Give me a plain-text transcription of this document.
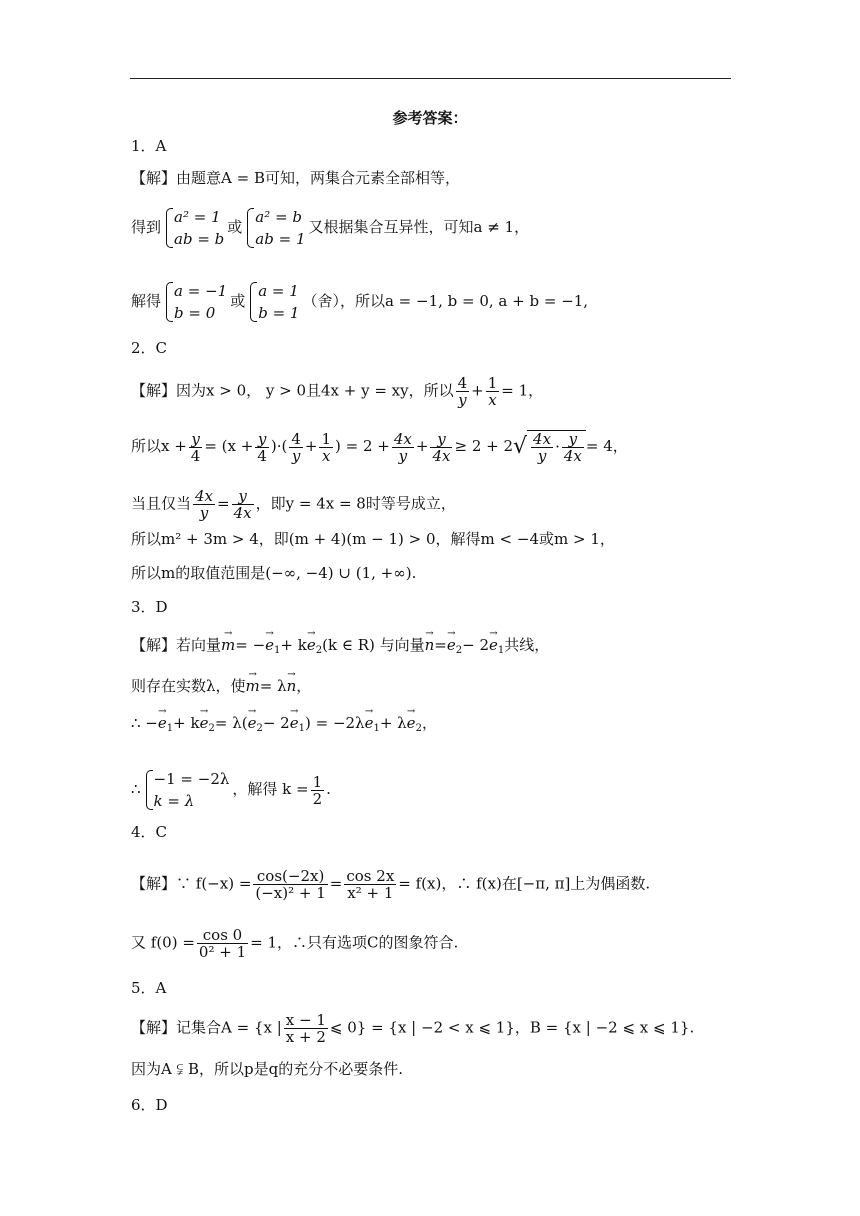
参考答案：
1．A
【解】由题意A = B可知，两集合元素全部相等，
得到
a² = 1
ab = b
或
a² = b
ab = 1
又根据集合互异性，可知a ≠ 1，
解得
a = −1
b = 0
或
a = 1
b = 1
（舍），所以a = −1, b = 0, a + b = −1,
2．C
【解】因为x > 0， y > 0且4x + y = xy，所以 $\frac{4}{y} + \frac{1}{x} = 1$，
所以$x + \frac{y}{4} = (x + \frac{y}{4}$ )·( $\frac{4}{y} + \frac{1}{x}$ ) = $2 + \frac{4x}{y} + \frac{y}{4x} \ge 2 + 2√ \frac{4x}{y} \cdot \frac{y}{4x} = 4$，
当且仅当 $\frac{4x}{y} = \frac{y}{4x}$ ，即y = 4x = 8时等号成立，
所以m² + 3m > 4，即(m + 4)(m − 1) > 0，解得m < −4或m > 1，
所以m的取值范围是(−∞, −4) ∪ (1, +∞).
3．D
【解】若向量→ $m= -\to e_1+ k\to e_2(k$ ∈ R) 与向量→ $n=\to e_2- 2\to e_1$共线，
则存在实数λ，使→ m= λ→ n，
∴ −→ $e_1+ k\to e_2= \lambda(\to e_2- 2\to e_1) = -2\lambda\to e_1+ \lambda\to e_2$，
∴
−1 = −2λ
k = λ
，解得 $k = \frac{1}{2}$ .
4．C
【解】∵ $f(-x) = \frac{\cos(-2x)}{\text{(−x)² + 1}} = \frac{\cos 2x}{\text{x² + 1}} = f(x)$，∴ f(x)在[−π, π]上为偶函数.
又 $f(0) = \frac{\cos 0}{\text{0² + 1}} = 1$，∴只有选项C的图象符合.
5．A
【解】记集合A = {x | $\frac{x - 1}{x + 2}$ ⩽ 0} = {x | −2 < x ⩽ 1}，B = {x | −2 ⩽ x ⩽ 1}.
因为A ⫋ B，所以p是q的充分不必要条件.
6．D
